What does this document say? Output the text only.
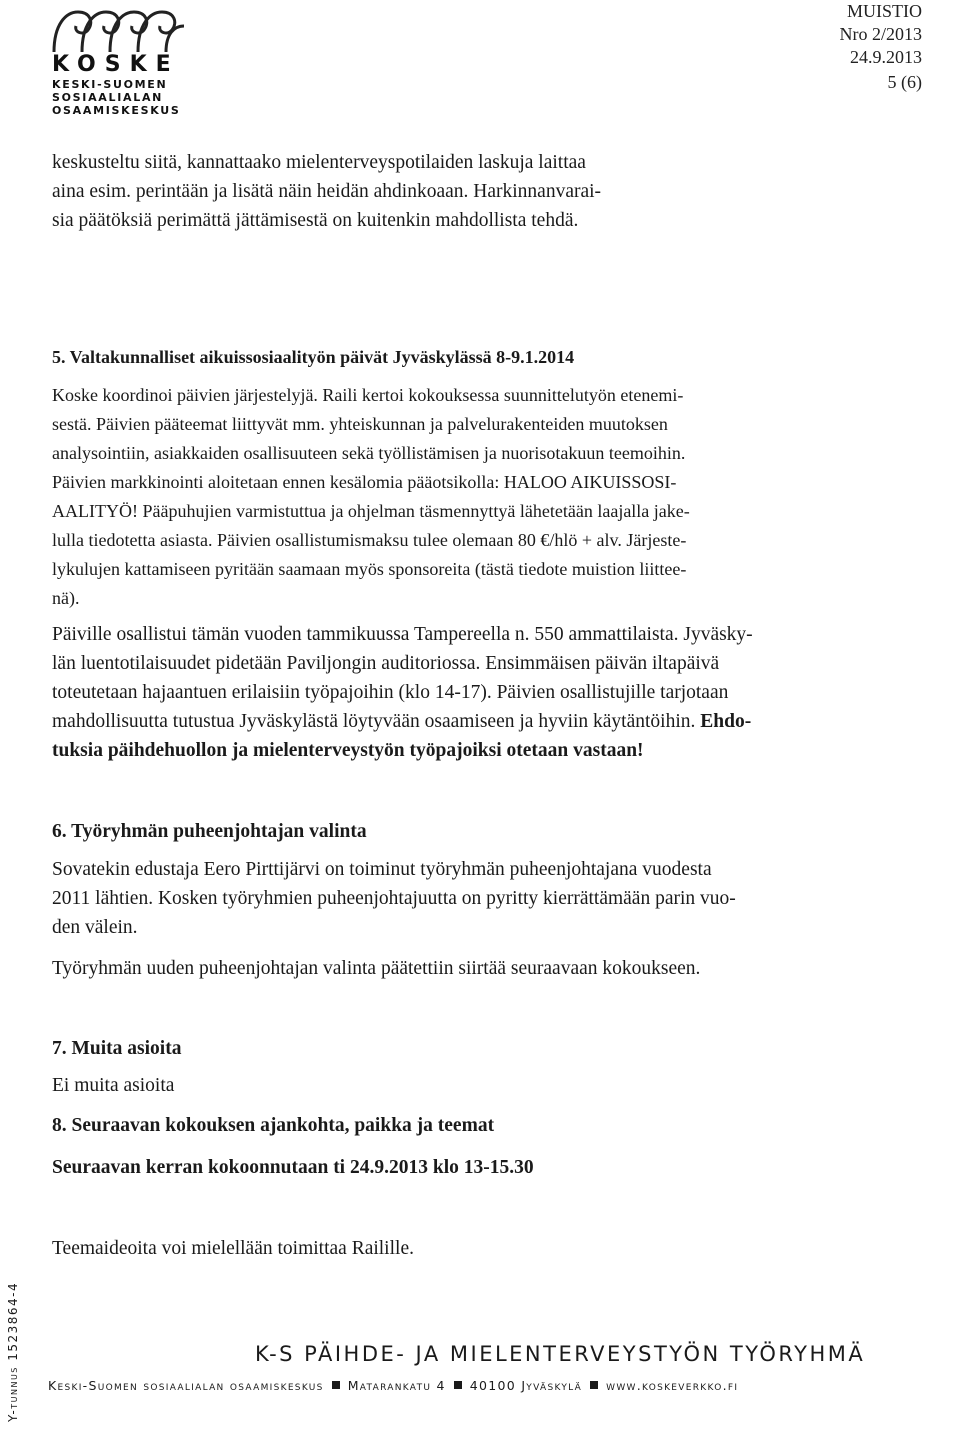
KOSKE
KESKI-SUOMEN
SOSIAALIALAN
OSAAMISKESKUS
MUISTIO
Nro 2/2013
24.9.2013
5 (6)
keskusteltu siitä, kannattaako mielenterveyspotilaiden laskuja laittaa
aina esim. perintään ja lisätä näin heidän ahdinkoaan. Harkinnanvarai-
sia päätöksiä perimättä jättämisestä on kuitenkin mahdollista tehdä.
5. Valtakunnalliset aikuissosiaalityön päivät Jyväskylässä 8-9.1.2014
Koske koordinoi päivien järjestelyjä. Raili kertoi kokouksessa suunnittelutyön etenemi-
sestä. Päivien pääteemat liittyvät mm. yhteiskunnan ja palvelurakenteiden muutoksen
analysointiin, asiakkaiden osallisuuteen sekä työllistämisen ja nuorisotakuun teemoihin.
Päivien markkinointi aloitetaan ennen kesälomia pääotsikolla: HALOO AIKUISSOSI-
AALITYÖ! Pääpuhujien varmistuttua ja ohjelman täsmennyttyä lähetetään laajalla jake-
lulla tiedotetta asiasta. Päivien osallistumismaksu tulee olemaan 80 €/hlö + alv. Järjeste-
lykulujen kattamiseen pyritään saamaan myös sponsoreita (tästä tiedote muistion liittee-
nä).
Päiville osallistui tämän vuoden tammikuussa Tampereella n. 550 ammattilaista. Jyväsky-
län luentotilaisuudet pidetään Paviljongin auditoriossa. Ensimmäisen päivän iltapäivä
toteutetaan hajaantuen erilaisiin työpajoihin (klo 14-17). Päivien osallistujille tarjotaan
mahdollisuutta tutustua Jyväskylästä löytyvään osaamiseen ja hyviin käytäntöihin. Ehdo-
tuksia päihdehuollon ja mielenterveystyön työpajoiksi otetaan vastaan!
6. Työryhmän puheenjohtajan valinta
Sovatekin edustaja Eero Pirttijärvi on toiminut työryhmän puheenjohtajana vuodesta
2011 lähtien. Kosken työryhmien puheenjohtajuutta on pyritty kierrättämään parin vuo-
den välein.
Työryhmän uuden puheenjohtajan valinta päätettiin siirtää seuraavaan kokoukseen.
7. Muita asioita
Ei muita asioita
8. Seuraavan kokouksen ajankohta, paikka ja teemat
Seuraavan kerran kokoonnutaan ti 24.9.2013 klo 13-15.30
Teemaideoita voi mielellään toimittaa Railille.
K-S PÄIHDE- JA MIELENTERVEYSTYÖN TYÖRYHMÄ
Keski-Suomen sosiaalialan osaamiskeskus Matarankatu 4 40100 Jyväskylä www.koskeverkko.fi
Y-tunnus 1523864-4
